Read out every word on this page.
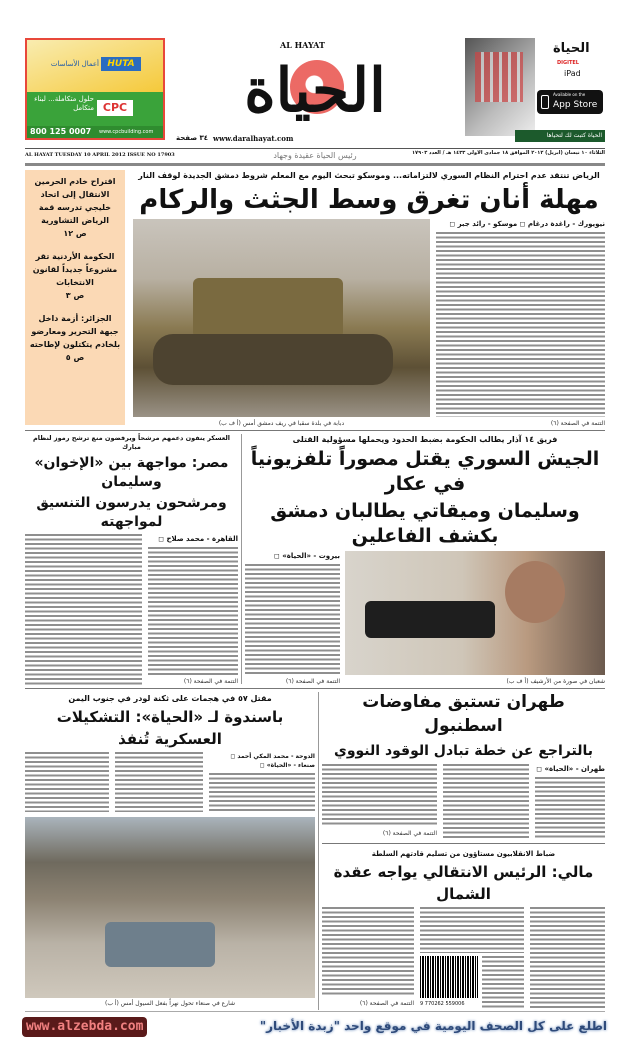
HUTA
أعمال الأساسات
CPC
حلول متكاملة... لبناء متكامل
800 125 0007 www.cpcbuilding.com
AL HAYAT
الحياة
٣٤ صفحة www.daralhayat.com
الحياة
DIGITEL
iPad
Available on the
App Store
الحياة كتبت لك لتحياها
AL HAYAT TUESDAY 10 APRIL 2012 ISSUE NO 17903	رئيس الحياة عقيدة وجهاد	الثلاثاء ١٠ نيسان (ابريل) ٢٠١٢ الموافق ١٨ جمادى الاولى ١٤٣٣ هـ / العدد ١٧٩٠٣
اقتراح خادم الحرمين الانتقال إلى اتحاد خليجي تدرسه قمة الرياض التشاورية
ص ١٢
الحكومة الأردنية تقر مشروعاً جديداً لقانون الانتخابات
ص ٣
الجزائر: أزمة داخل جبهة التحرير ومعارضو بلخادم يتكتلون لإطاحته
ص ٥
الرياض تنتقد عدم احترام النظام السوري لالتزاماته... وموسكو تبحث اليوم مع المعلم شروط دمشق الجديدة لوقف النار
مهلة أنان تغرق وسط الجثث والركام
دبابة في بلدة سقبا في ريف دمشق أمس (أ ف ب)
نيويورك - راغدة درغام ◻ موسكو - رائد جبر ◻
التتمة في الصفحة (٦)
فريق ١٤ آذار يطالب الحكومة بضبط الحدود ويحملها مسؤولية القتلى
الجيش السوري يقتل مصوراً تلفزيونياً في عكار
وسليمان وميقاتي يطالبان دمشق بكشف الفاعلين
بيروت - «الحياة» ◻
التتمة في الصفحة (٦)	شعبان في صورة من الأرشيف (أ ف ب)
العسكر ينفون دعمهم مرشحاً ويرفضون منع ترشح رموز لنظام مبارك
مصر: مواجهة بين «الإخوان» وسليمان
ومرشحون يدرسون التنسيق لمواجهته
القاهرة - محمد صلاح ◻
التتمة في الصفحة (٦)
مقتل ٥٧ في هجمات على ثكنة لودر في جنوب اليمن
باسندوة لـ «الحياة»: التشكيلات العسكرية تُنفذ
الدوحة - محمد المكي أحمد ◻
صنعاء - «الحياة» ◻
شارع في صنعاء تحول نهراً بفعل السيول أمس (أ ب)
طهران تستبق مفاوضات اسطنبول
بالتراجع عن خطة تبادل الوقود النووي
التتمة في الصفحة (٦)
طهران - «الحياة» ◻
ضباط الانقلابيون مستاؤون من تسليم قادتهم السلطة
مالي: الرئيس الانتقالي يواجه عقدة الشمال
التتمة في الصفحة (٦) 9 770262 559006
www.alzebda.com	اطلع على كل الصحف اليومية في موقع واحد "زبدة الأخبار"
